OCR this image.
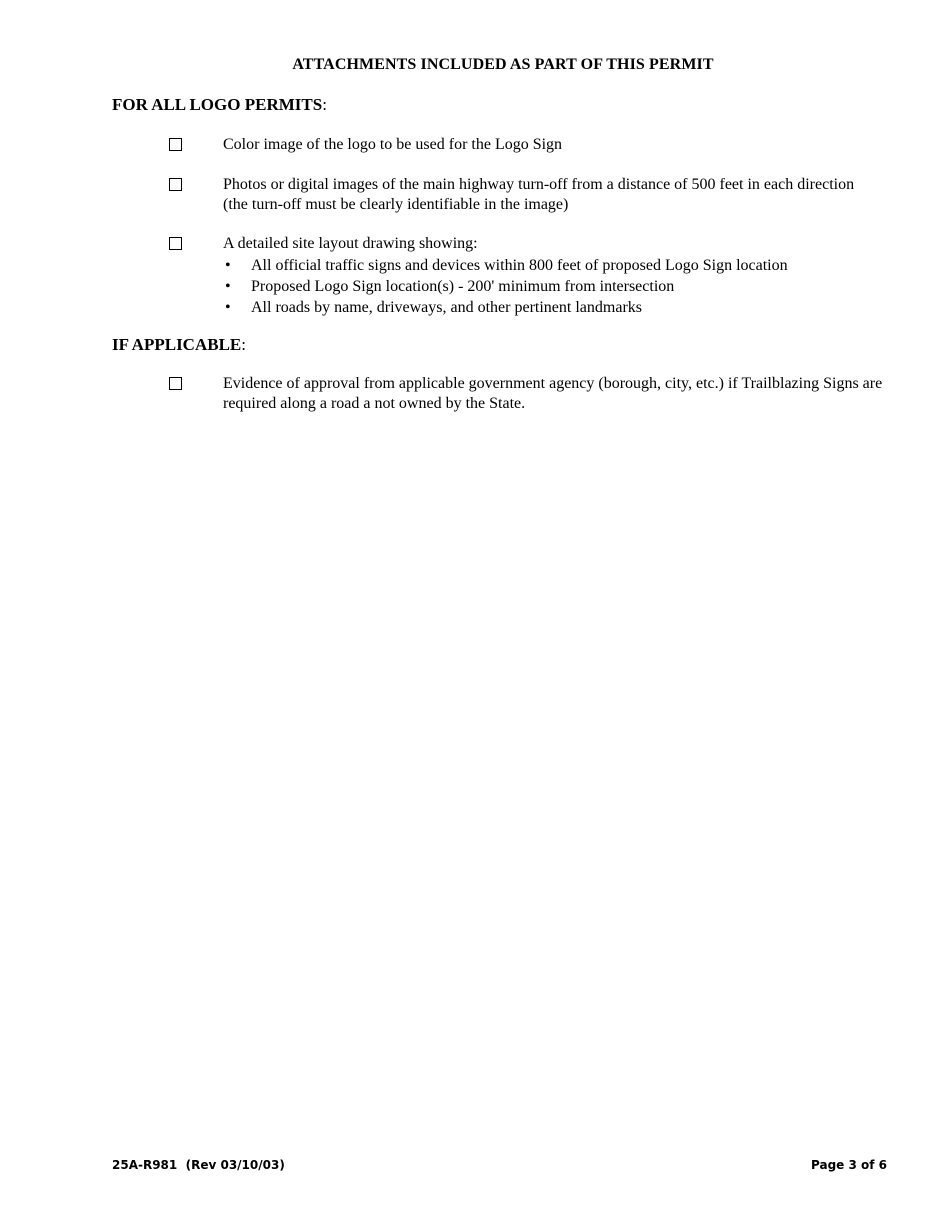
ATTACHMENTS INCLUDED AS PART OF THIS PERMIT
FOR ALL LOGO PERMITS:
Color image of the logo to be used for the Logo Sign
Photos or digital images of the main highway turn-off from a distance of 500 feet in each direction (the turn-off must be clearly identifiable in the image)
A detailed site layout drawing showing:
• All official traffic signs and devices within 800 feet of proposed Logo Sign location
• Proposed Logo Sign location(s) - 200' minimum from intersection
• All roads by name, driveways, and other pertinent landmarks
IF APPLICABLE:
Evidence of approval from applicable government agency (borough, city, etc.) if Trailblazing Signs are required along a road a not owned by the State.
25A-R981  (Rev 03/10/03)	Page 3 of 6
